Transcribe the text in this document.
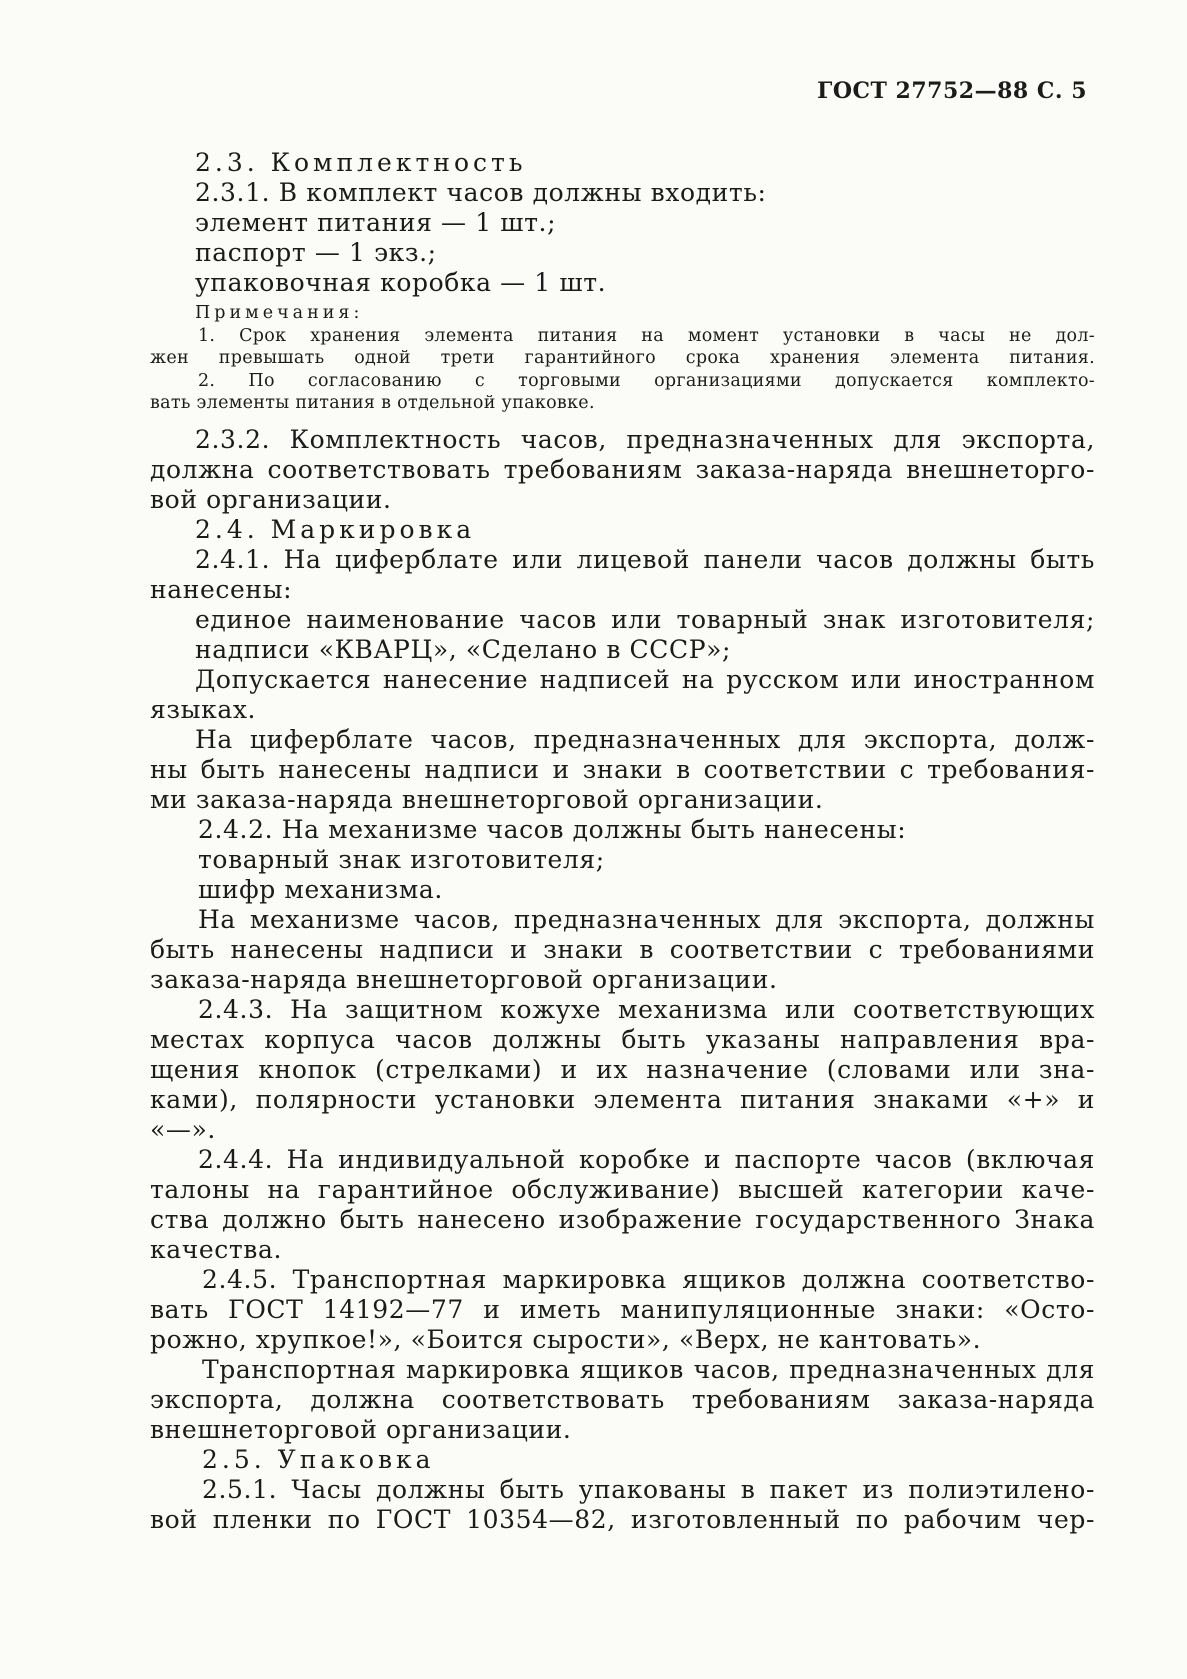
ГОСТ 27752—88 С. 5
2.3. Комплектность
2.3.1. В комплект часов должны входить:
элемент питания — 1 шт.;
паспорт — 1 экз.;
упаковочная коробка — 1 шт.
Примечания:
1. Срок хранения элемента питания на момент установки в часы не дол-
жен превышать одной трети гарантийного срока хранения элемента питания.
2. По согласованию с торговыми организациями допускается комплекто-
вать элементы питания в отдельной упаковке.
2.3.2. Комплектность часов, предназначенных для экспорта,
должна соответствовать требованиям заказа-наряда внешнеторго-
вой организации.
2.4. Маркировка
2.4.1. На циферблате или лицевой панели часов должны быть
нанесены:
единое наименование часов или товарный знак изготовителя;
надписи «КВАРЦ», «Сделано в СССР»;
Допускается нанесение надписей на русском или иностранном
языках.
На циферблате часов, предназначенных для экспорта, долж-
ны быть нанесены надписи и знаки в соответствии с требования-
ми заказа-наряда внешнеторговой организации.
2.4.2. На механизме часов должны быть нанесены:
товарный знак изготовителя;
шифр механизма.
На механизме часов, предназначенных для экспорта, должны
быть нанесены надписи и знаки в соответствии с требованиями
заказа-наряда внешнеторговой организации.
2.4.3. На защитном кожухе механизма или соответствующих
местах корпуса часов должны быть указаны направления вра-
щения кнопок (стрелками) и их назначение (словами или зна-
ками), полярности установки элемента питания знаками «+» и
«—».
2.4.4. На индивидуальной коробке и паспорте часов (включая
талоны на гарантийное обслуживание) высшей категории каче-
ства должно быть нанесено изображение государственного Знака
качества.
2.4.5. Транспортная маркировка ящиков должна соответство-
вать ГОСТ 14192—77 и иметь манипуляционные знаки: «Осто-
рожно, хрупкое!», «Боится сырости», «Верх, не кантовать».
Транспортная маркировка ящиков часов, предназначенных для
экспорта, должна соответствовать требованиям заказа-наряда
внешнеторговой организации.
2.5. Упаковка
2.5.1. Часы должны быть упакованы в пакет из полиэтилено-
вой пленки по ГОСТ 10354—82, изготовленный по рабочим чер-
